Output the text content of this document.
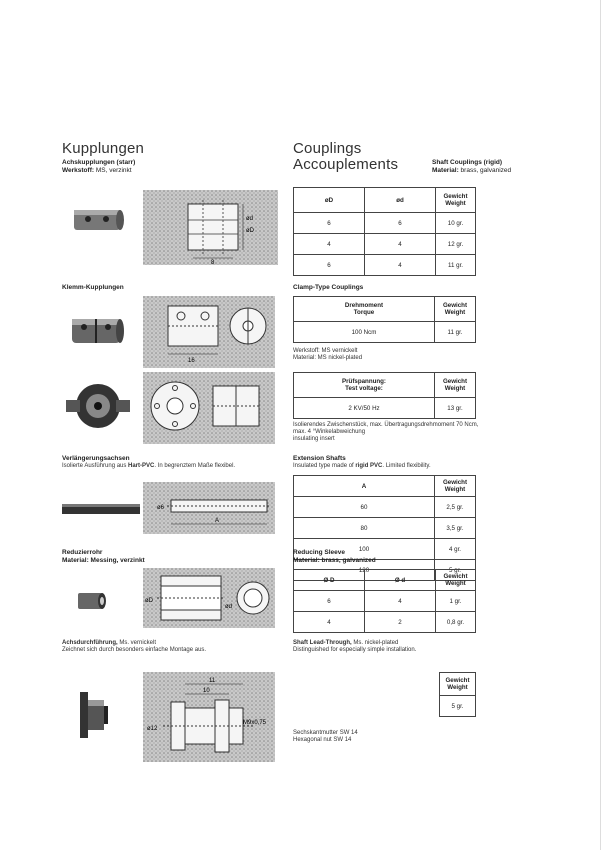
Kupplungen
Achskupplungen (starr)
Werkstoff: MS, verzinkt
Couplings
Accouplements	Shaft Couplings (rigid)
Material: brass, galvanized
ød
øD
8
øD	ød	Gewicht
Weight
6	6	10 gr.
4	4	12 gr.
6	4	11 gr.
Klemm-Kupplungen	Clamp-Type Couplings
16
Drehmoment
Torque	Gewicht
Weight
100 Ncm	11 gr.
Werkstoff: MS vernickelt
Material: MS nickel-plated
Prüfspannung:
Test voltage:	Gewicht
Weight
2 KV/50 Hz	13 gr.
Isolierendes Zwischenstück, max. Übertragungsdrehmoment 70 Ncm,
max. 4 °Winkelabweichung
insulating insert
Verlängerungsachsen
Isolierte Ausführung aus Hart-PVC. In begrenztem Maße flexibel.
Extension Shafts
Insulated type made of rigid PVC. Limited flexibility.
ø6
A
A	Gewicht
Weight
60	2,5 gr.
80	3,5 gr.
100	4 gr.
120	5 gr.
Reduzierrohr
Material: Messing, verzinkt
Reducing Sleeve
Material: brass, galvanized
øD
ød
Ø D	Ø d	Gewicht
Weight
6	4	1 gr.
4	2	0,8 gr.
Achsdurchführung, Ms. vernickelt
Zeichnet sich durch besonders einfache Montage aus.
Shaft Lead-Through, Ms. nickel-plated
Distinguished for especially simple installation.
11
10
ø12
M9x0,75
Gewicht
Weight
5 gr.
Sechskantmutter SW 14
Hexagonal nut SW 14
